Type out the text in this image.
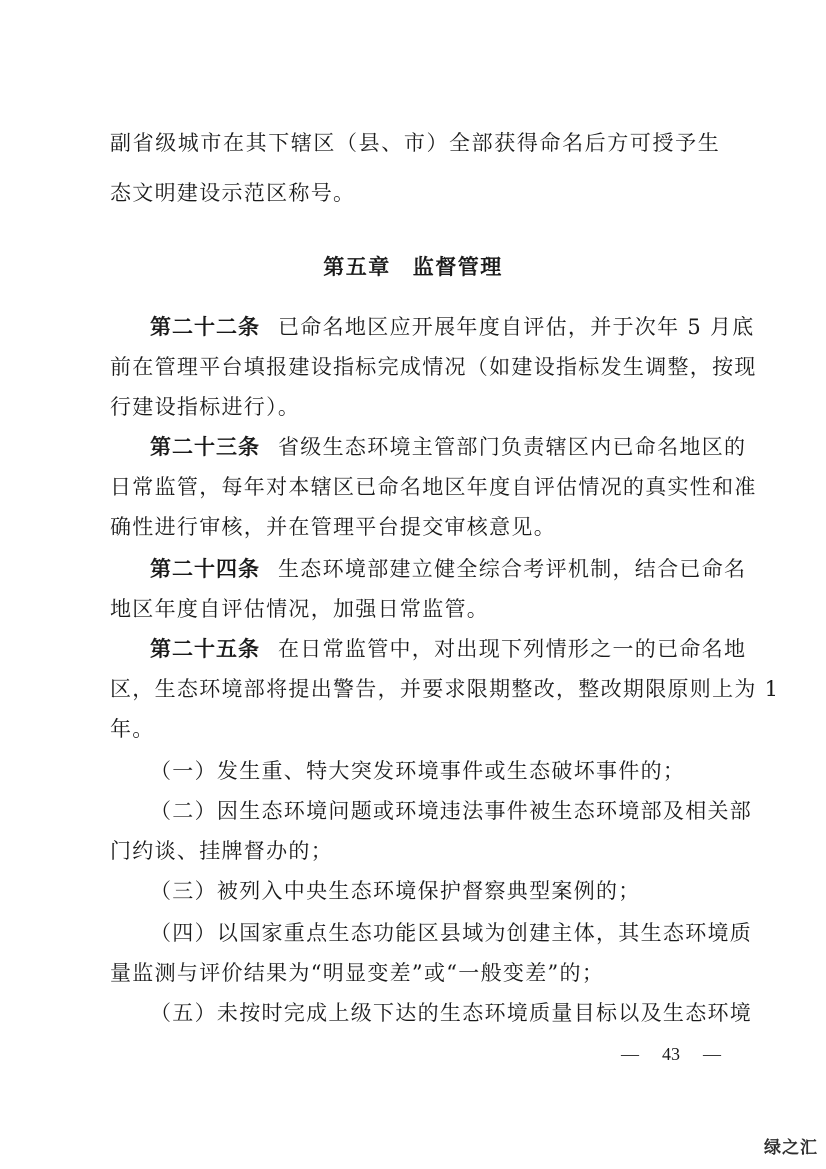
副省级城市在其下辖区（县、市）全部获得命名后方可授予生
态文明建设示范区称号。
第五章 监督管理
第二十二条 已命名地区应开展年度自评估，并于次年 5 月底
前在管理平台填报建设指标完成情况（如建设指标发生调整，按现
行建设指标进行）。
第二十三条 省级生态环境主管部门负责辖区内已命名地区的
日常监管，每年对本辖区已命名地区年度自评估情况的真实性和准
确性进行审核，并在管理平台提交审核意见。
第二十四条 生态环境部建立健全综合考评机制，结合已命名
地区年度自评估情况，加强日常监管。
第二十五条 在日常监管中，对出现下列情形之一的已命名地
区，生态环境部将提出警告，并要求限期整改，整改期限原则上为 1
年。
（一）发生重、特大突发环境事件或生态破坏事件的；
（二）因生态环境问题或环境违法事件被生态环境部及相关部
门约谈、挂牌督办的；
（三）被列入中央生态环境保护督察典型案例的；
（四）以国家重点生态功能区县域为创建主体，其生态环境质
量监测与评价结果为“明显变差”或“一般变差”的；
（五）未按时完成上级下达的生态环境质量目标以及生态环境
— 43 —
绿之汇
